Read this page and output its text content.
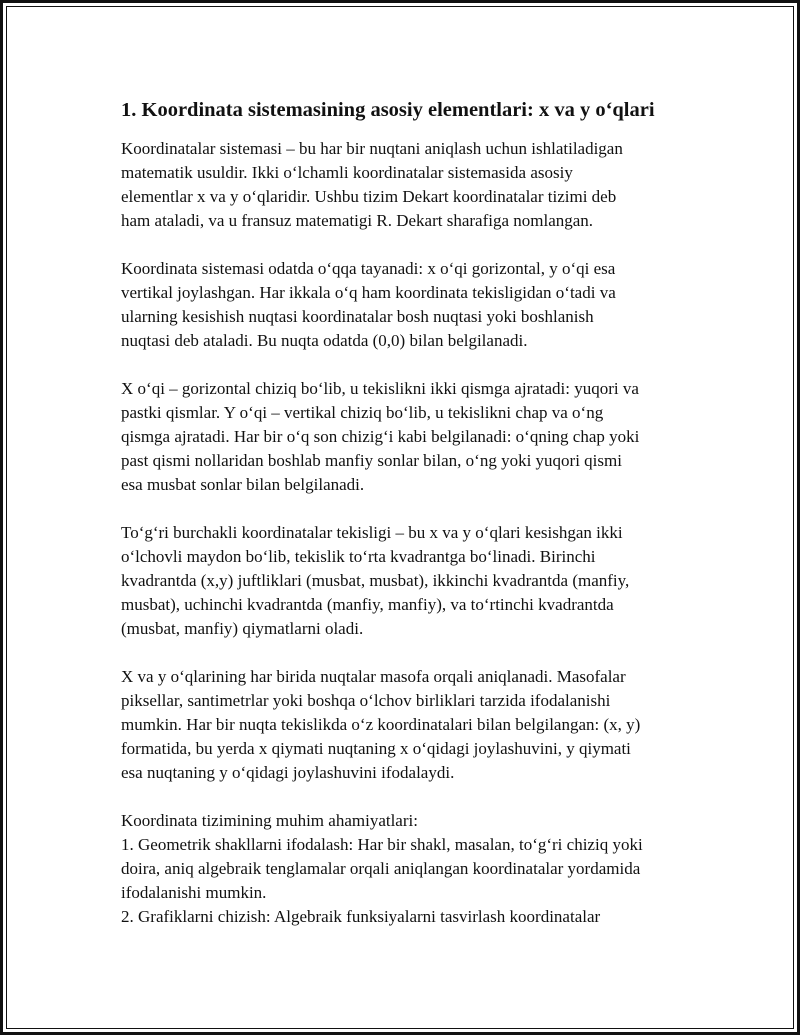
1. Koordinata sistemasining asosiy elementlari: x va y o‘qlari

Koordinatalar sistemasi – bu har bir nuqtani aniqlash uchun ishlatiladigan
matematik usuldir. Ikki o‘lchamli koordinatalar sistemasida asosiy
elementlar x va y o‘qlaridir. Ushbu tizim Dekart koordinatalar tizimi deb
ham ataladi, va u fransuz matematigi R. Dekart sharafiga nomlangan.

Koordinata sistemasi odatda o‘qqa tayanadi: x o‘qi gorizontal, y o‘qi esa
vertikal joylashgan. Har ikkala o‘q ham koordinata tekisligidan o‘tadi va
ularning kesishish nuqtasi koordinatalar bosh nuqtasi yoki boshlanish
nuqtasi deb ataladi. Bu nuqta odatda (0,0) bilan belgilanadi.

X o‘qi – gorizontal chiziq bo‘lib, u tekislikni ikki qismga ajratadi: yuqori va
pastki qismlar. Y o‘qi – vertikal chiziq bo‘lib, u tekislikni chap va o‘ng
qismga ajratadi. Har bir o‘q son chizig‘i kabi belgilanadi: o‘qning chap yoki
past qismi nollaridan boshlab manfiy sonlar bilan, o‘ng yoki yuqori qismi
esa musbat sonlar bilan belgilanadi.

To‘g‘ri burchakli koordinatalar tekisligi – bu x va y o‘qlari kesishgan ikki
o‘lchovli maydon bo‘lib, tekislik to‘rta kvadrantga bo‘linadi. Birinchi
kvadrantda (x,y) juftliklari (musbat, musbat), ikkinchi kvadrantda (manfiy,
musbat), uchinchi kvadrantda (manfiy, manfiy), va to‘rtinchi kvadrantda
(musbat, manfiy) qiymatlarni oladi.

X va y o‘qlarining har birida nuqtalar masofa orqali aniqlanadi. Masofalar
piksellar, santimetrlar yoki boshqa o‘lchov birliklari tarzida ifodalanishi
mumkin. Har bir nuqta tekislikda o‘z koordinatalari bilan belgilangan: (x, y)
formatida, bu yerda x qiymati nuqtaning x o‘qidagi joylashuvini, y qiymati
esa nuqtaning y o‘qidagi joylashuvini ifodalaydi.

Koordinata tizimining muhim ahamiyatlari:
1. Geometrik shakllarni ifodalash: Har bir shakl, masalan, to‘g‘ri chiziq yoki
doira, aniq algebraik tenglamalar orqali aniqlangan koordinatalar yordamida
ifodalanishi mumkin.
2. Grafiklarni chizish: Algebraik funksiyalarni tasvirlash koordinatalar
